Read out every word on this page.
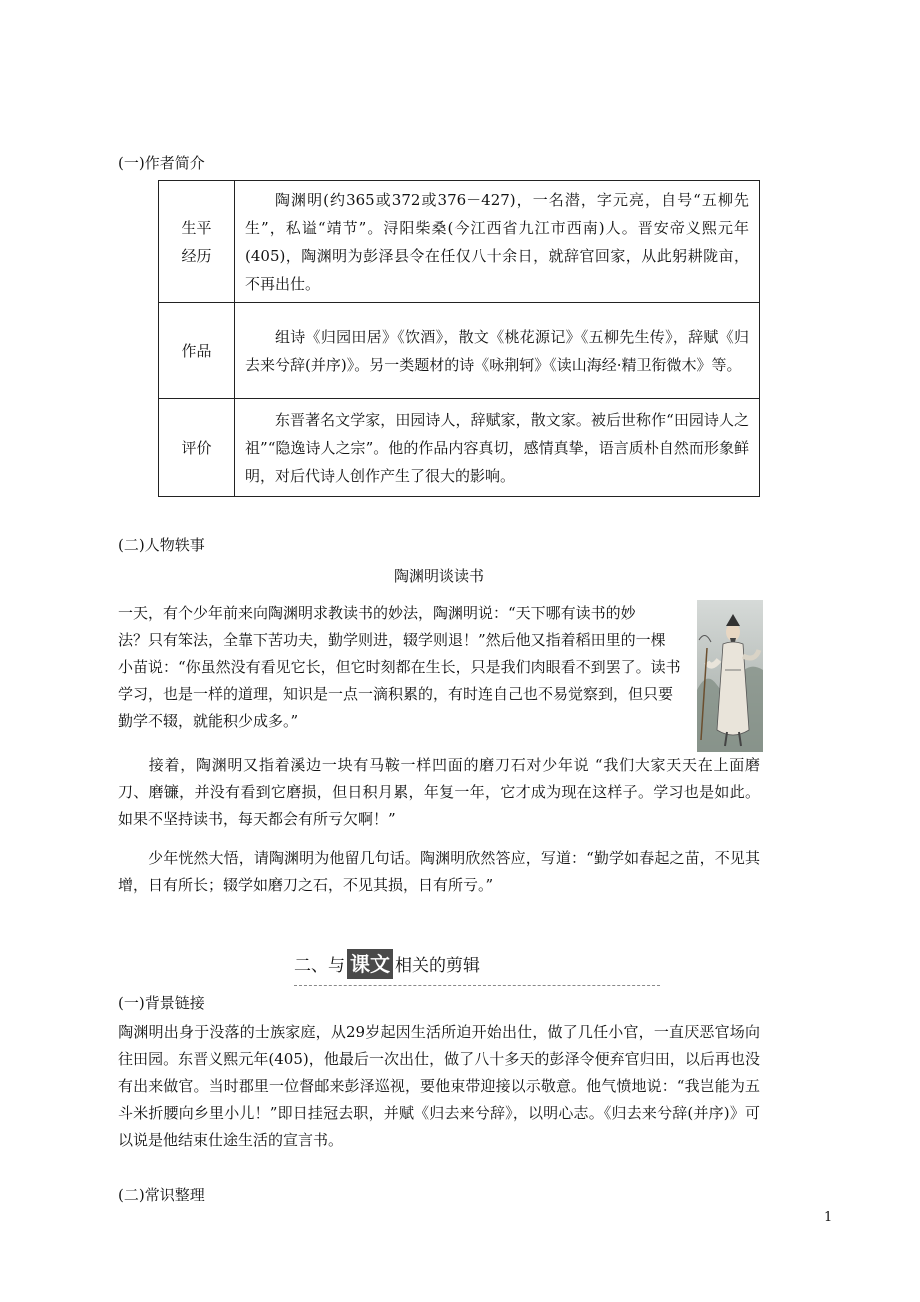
(一)作者简介
生平
经历	陶渊明(约365或372或376－427)，一名潜，字元亮，自号“五柳先生”，私谥“靖节”。浔阳柴桑(今江西省九江市西南)人。晋安帝义熙元年(405)，陶渊明为彭泽县令在任仅八十余日，就辞官回家，从此躬耕陇亩，不再出仕。

作品	组诗《归园田居》《饮酒》，散文《桃花源记》《五柳先生传》，辞赋《归去来兮辞(并序)》。另一类题材的诗《咏荆轲》《读山海经·精卫衔微木》等。

评价	东晋著名文学家，田园诗人，辞赋家，散文家。被后世称作“田园诗人之祖”“隐逸诗人之宗”。他的作品内容真切，感情真挚，语言质朴自然而形象鲜明，对后代诗人创作产生了很大的影响。
(二)人物轶事
陶渊明谈读书
一天，有个少年前来向陶渊明求教读书的妙法，陶渊明说：“天下哪有读书的妙
法？只有笨法，全靠下苦功夫，勤学则进，辍学则退！”然后他又指着稻田里的一棵
小苗说：“你虽然没有看见它长，但它时刻都在生长，只是我们肉眼看不到罢了。读书
学习，也是一样的道理，知识是一点一滴积累的，有时连自己也不易觉察到，但只要
勤学不辍，就能积少成多。”
接着，陶渊明又指着溪边一块有马鞍一样凹面的磨刀石对少年说 “我们大家天天在上面磨刀、磨镰，并没有看到它磨损，但日积月累，年复一年，它才成为现在这样子。学习也是如此。如果不坚持读书，每天都会有所亏欠啊！”
少年恍然大悟，请陶渊明为他留几句话。陶渊明欣然答应，写道：“勤学如春起之苗，不见其增，日有所长；辍学如磨刀之石，不见其损，日有所亏。”
二、与 课文 相关的剪辑
(一)背景链接
陶渊明出身于没落的士族家庭，从29岁起因生活所迫开始出仕，做了几任小官，一直厌恶官场向往田园。东晋义熙元年(405)，他最后一次出仕，做了八十多天的彭泽令便弃官归田，以后再也没有出来做官。当时郡里一位督邮来彭泽巡视，要他束带迎接以示敬意。他气愤地说：“我岂能为五斗米折腰向乡里小儿！”即日挂冠去职，并赋《归去来兮辞》，以明心志。《归去来兮辞(并序)》可以说是他结束仕途生活的宣言书。
(二)常识整理
1
